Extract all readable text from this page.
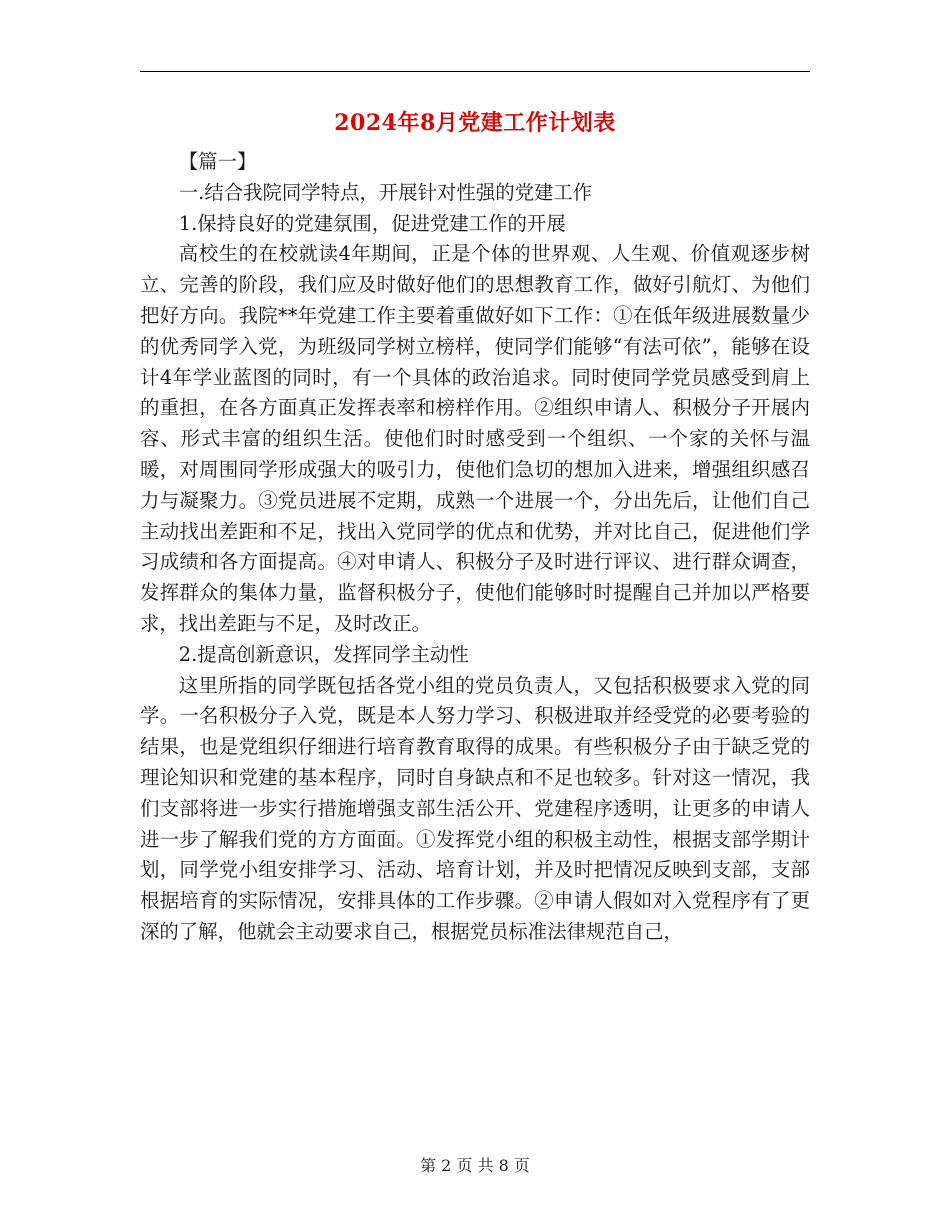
2024年8月党建工作计划表

【篇一】

一.结合我院同学特点，开展针对性强的党建工作

1.保持良好的党建氛围，促进党建工作的开展

高校生的在校就读4年期间，正是个体的世界观、人生观、价值观逐步树立、完善的阶段，我们应及时做好他们的思想教育工作，做好引航灯、为他们把好方向。我院**年党建工作主要着重做好如下工作：①在低年级进展数量少的优秀同学入党，为班级同学树立榜样，使同学们能够“有法可依”，能够在设计4年学业蓝图的同时，有一个具体的政治追求。同时使同学党员感受到肩上的重担，在各方面真正发挥表率和榜样作用。②组织申请人、积极分子开展内容、形式丰富的组织生活。使他们时时感受到一个组织、一个家的关怀与温暖，对周围同学形成强大的吸引力，使他们急切的想加入进来，增强组织感召力与凝聚力。③党员进展不定期，成熟一个进展一个，分出先后，让他们自己主动找出差距和不足，找出入党同学的优点和优势，并对比自己，促进他们学习成绩和各方面提高。④对申请人、积极分子及时进行评议、进行群众调查，发挥群众的集体力量，监督积极分子，使他们能够时时提醒自己并加以严格要求，找出差距与不足，及时改正。

2.提高创新意识，发挥同学主动性

这里所指的同学既包括各党小组的党员负责人，又包括积极要求入党的同学。一名积极分子入党，既是本人努力学习、积极进取并经受党的必要考验的结果，也是党组织仔细进行培育教育取得的成果。有些积极分子由于缺乏党的理论知识和党建的基本程序，同时自身缺点和不足也较多。针对这一情况，我们支部将进一步实行措施增强支部生活公开、党建程序透明，让更多的申请人进一步了解我们党的方方面面。①发挥党小组的积极主动性，根据支部学期计划，同学党小组安排学习、活动、培育计划，并及时把情况反映到支部，支部根据培育的实际情况，安排具体的工作步骤。②申请人假如对入党程序有了更深的了解，他就会主动要求自己，根据党员标准法律规范自己，

第 2 页 共 8 页
